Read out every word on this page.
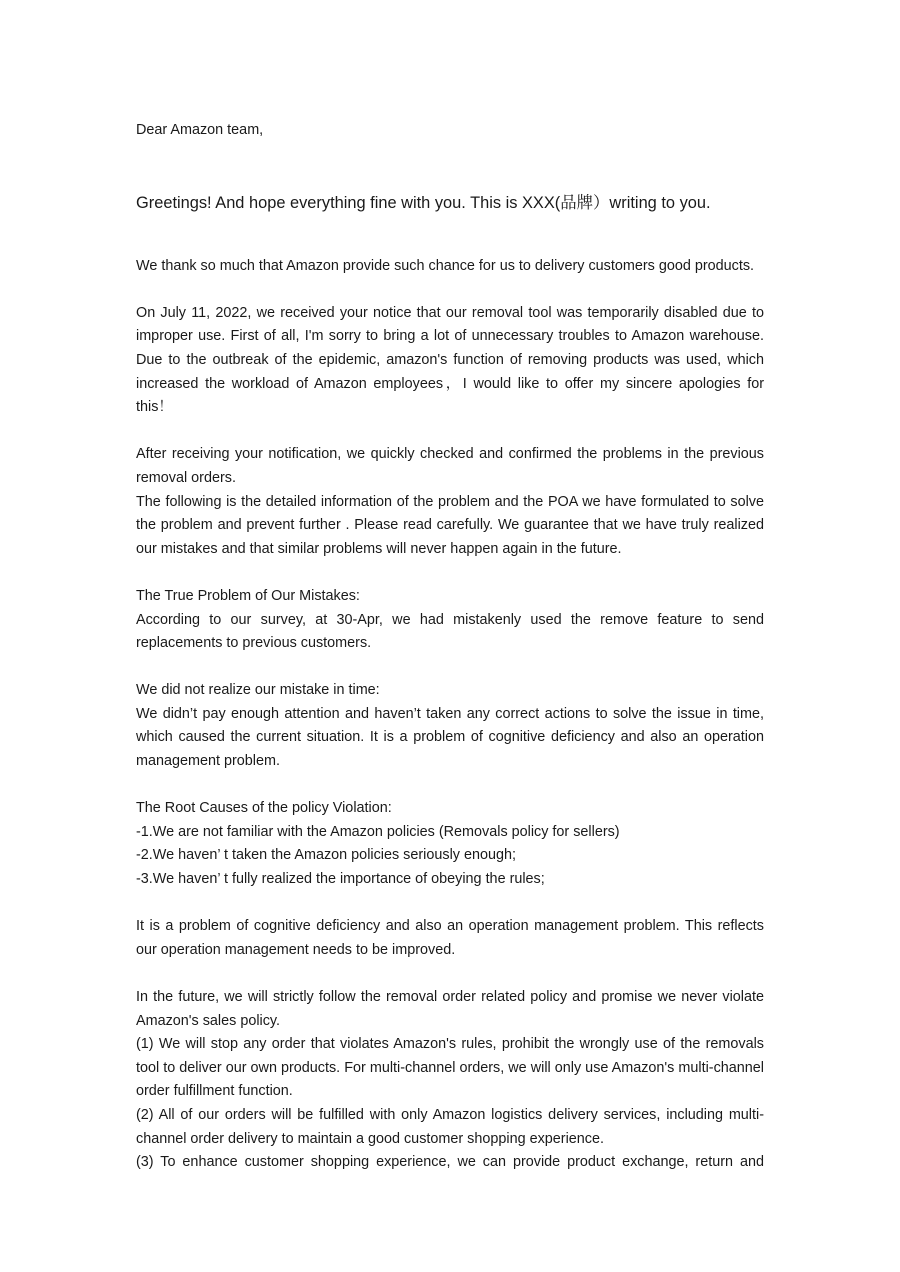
Dear Amazon team,

Greetings! And hope everything fine with you. This is XXX(品牌）writing to you.

We thank so much that Amazon provide such chance for us to delivery customers good products.

On July 11, 2022, we received your notice that our removal tool was temporarily disabled due to improper use. First of all, I'm sorry to bring a lot of unnecessary troubles to Amazon warehouse. Due to the outbreak of the epidemic, amazon's function of removing products was used, which increased the workload of Amazon employees，I would like to offer my sincere apologies for this！

After receiving your notification, we quickly checked and confirmed the problems in the previous removal orders.

The following is the detailed information of the problem and the POA we have formulated to solve the problem and prevent further . Please read carefully. We guarantee that we have truly realized our mistakes and that similar problems will never happen again in the future.

The True Problem of Our Mistakes:

According to our survey, at 30-Apr, we had mistakenly used the remove feature to send replacements to previous customers.

We did not realize our mistake in time:

We didn’t pay enough attention and haven’t taken any correct actions to solve the issue in time, which caused the current situation. It is a problem of cognitive deficiency and also an operation management problem.

The Root Causes of the policy Violation:

-1.We are not familiar with the Amazon policies (Removals policy for sellers)

-2.We haven’ t taken the Amazon policies seriously enough;

-3.We haven’ t fully realized the importance of obeying the rules;

It is a problem of cognitive deficiency and also an operation management problem. This reflects our operation management needs to be improved.

In the future, we will strictly follow the removal order related policy and promise we never violate Amazon's sales policy.

(1) We will stop any order that violates Amazon's rules, prohibit the wrongly use of the removals tool to deliver our own products. For multi-channel orders, we will only use Amazon's multi-channel order fulfillment function.

(2) All of our orders will be fulfilled with only Amazon logistics delivery services, including multi-channel order delivery to maintain a good customer shopping experience.

(3) To enhance customer shopping experience, we can provide product exchange, return and
